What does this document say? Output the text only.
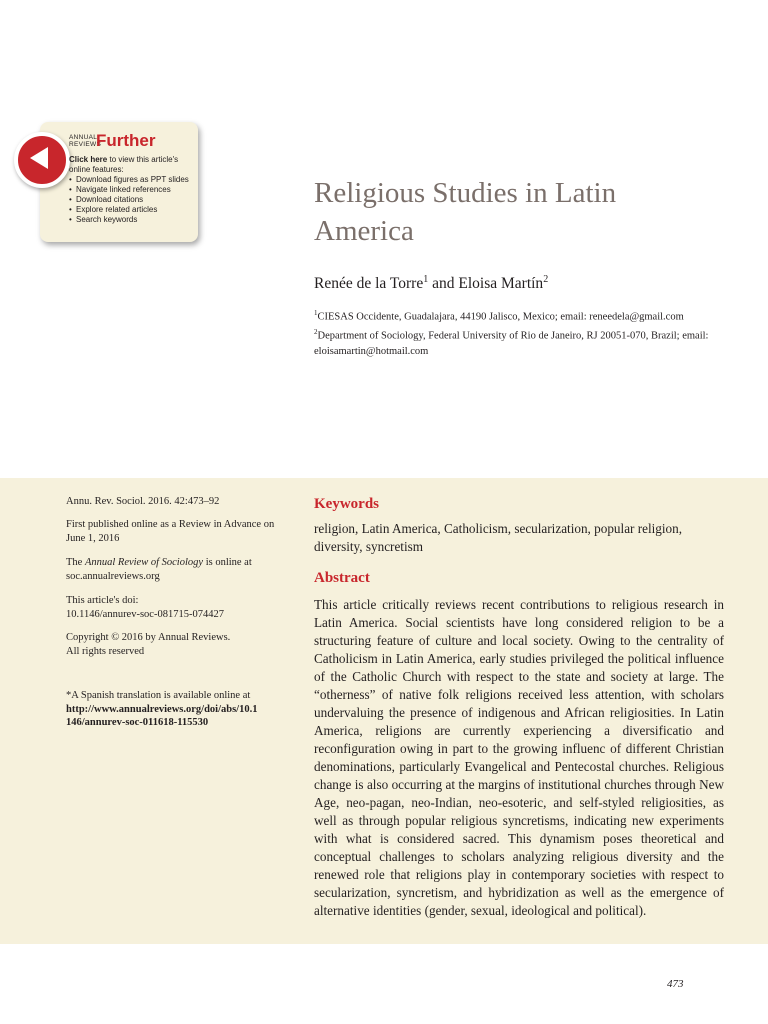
ANNUAL
REVIEWS
Further
Click here to view this article's online features:
• Download figures as PPT slides
• Navigate linked references
• Download citations
• Explore related articles
• Search keywords
Religious Studies in Latin America
Renée de la Torre$^1$ and Eloisa Martín$^2$
$^1$CIESAS Occidente, Guadalajara, 44190 Jalisco, Mexico; email: reneedela@gmail.com
$^2$Department of Sociology, Federal University of Rio de Janeiro, RJ 20051-070, Brazil; email: eloisamartin@hotmail.com

Annu. Rev. Sociol. 2016. 42:473–92

First published online as a Review in Advance on June 1, 2016

The Annual Review of Sociology is online at soc.annualreviews.org

This article's doi:

10.1146/annurev-soc-081715-074427

Copyright © 2016 by Annual Reviews.

All rights reserved

*A Spanish translation is available online at

http://www.annualreviews.org/doi/abs/10.1146/annurev-soc-011618-115530

Keywords
religion, Latin America, Catholicism, secularization, popular religion, diversity, syncretism
Abstract
This article critically reviews recent contributions to religious research in Latin America. Social scientists have long considered religion to be a structuring feature of culture and local society. Owing to the centrality of Catholicism in Latin America, early studies privileged the political influence of the Catholic Church with respect to the state and society at large. The “otherness” of native folk religions received less attention, with scholars undervaluing the presence of indigenous and African religiosities. In Latin America, religions are currently experiencing a diversificatio and reconfiguration owing in part to the growing influenc of different Christian denominations, particularly Evangelical and Pentecostal churches. Religious change is also occurring at the margins of institutional churches through New Age, neo-pagan, neo-Indian, neo-esoteric, and self-styled religiosities, as well as through popular religious syncretisms, indicating new experiments with what is considered sacred. This dynamism poses theoretical and conceptual challenges to scholars analyzing religious diversity and the renewed role that religions play in contemporary societies with respect to secularization, syncretism, and hybridization as well as the emergence of alternative identities (gender, sexual, ideological and political).
473
